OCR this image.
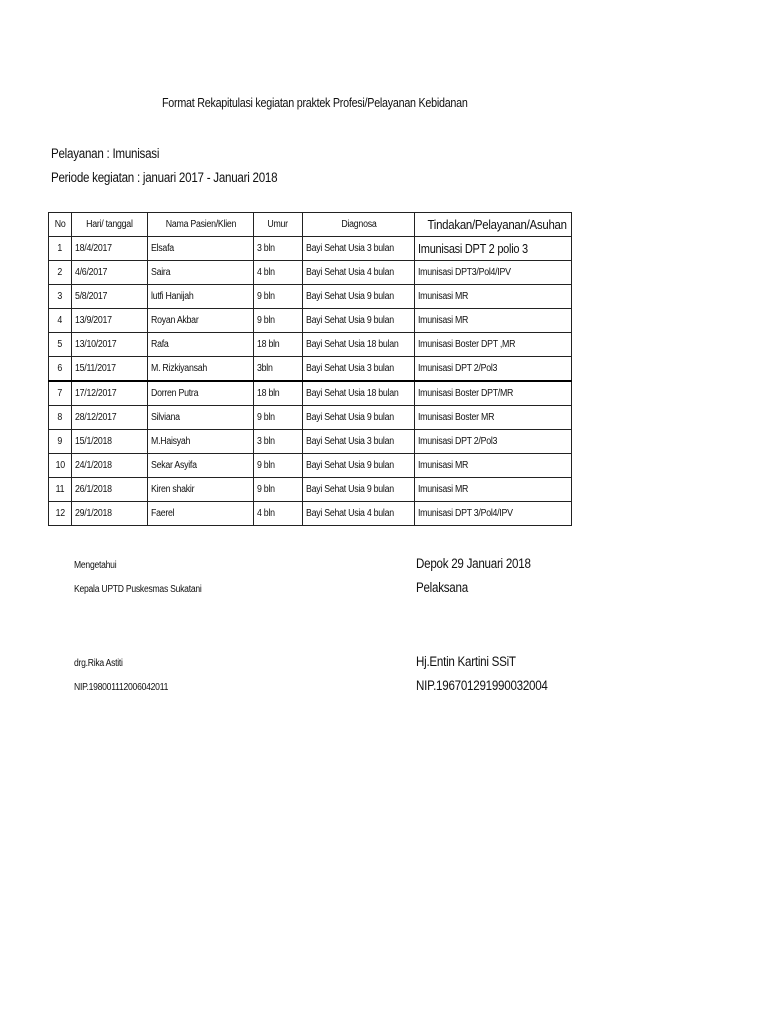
Format Rekapitulasi kegiatan praktek Profesi/Pelayanan Kebidanan
Pelayanan : Imunisasi
Periode kegiatan : januari 2017 - Januari 2018
No	Hari/ tanggal	Nama Pasien/Klien	Umur	Diagnosa	Tindakan/Pelayanan/Asuhan
1	18/4/2017	Elsafa	3 bln	Bayi Sehat Usia 3 bulan	Imunisasi DPT 2 polio 3
2	4/6/2017	Saira	4 bln	Bayi Sehat Usia 4 bulan	Imunisasi DPT3/Pol4/IPV
3	5/8/2017	lutfi Hanijah	9 bln	Bayi Sehat Usia 9 bulan	Imunisasi MR
4	13/9/2017	Royan Akbar	9 bln	Bayi Sehat Usia 9 bulan	Imunisasi MR
5	13/10/2017	Rafa	18 bln	Bayi Sehat Usia 18 bulan	Imunisasi Boster DPT ,MR
6	15/11/2017	M. Rizkiyansah	3bln	Bayi Sehat Usia 3 bulan	Imunisasi DPT 2/Pol3
7	17/12/2017	Dorren Putra	18 bln	Bayi Sehat Usia 18 bulan	Imunisasi Boster DPT/MR
8	28/12/2017	Silviana	9 bln	Bayi Sehat Usia 9 bulan	Imunisasi Boster MR
9	15/1/2018	M.Haisyah	3 bln	Bayi Sehat Usia 3 bulan	Imunisasi DPT 2/Pol3
10	24/1/2018	Sekar Asyifa	9 bln	Bayi Sehat Usia 9 bulan	Imunisasi MR
11	26/1/2018	Kiren shakir	9 bln	Bayi Sehat Usia 9 bulan	Imunisasi MR
12	29/1/2018	Faerel	4 bln	Bayi Sehat Usia 4 bulan	Imunisasi DPT 3/Pol4/IPV
Mengetahui
Kepala UPTD Puskesmas Sukatani
drg.Rika Astiti
NIP.198001112006042011
Depok 29 Januari 2018
Pelaksana
Hj.Entin Kartini SSiT
NIP.196701291990032004
